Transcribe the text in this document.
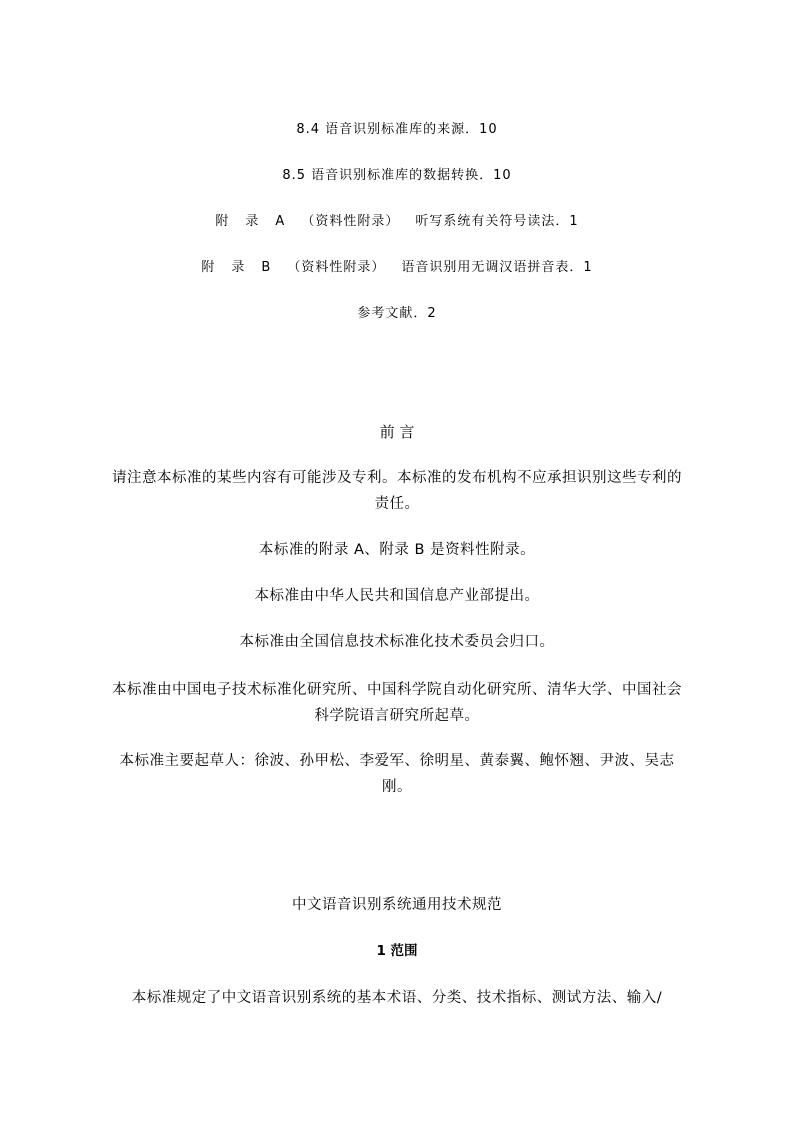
8.4 语音识别标准库的来源．10
8.5 语音识别标准库的数据转换．10
附 录 A （资料性附录） 听写系统有关符号读法．1
附 录 B （资料性附录） 语音识别用无调汉语拼音表．1
参考文献．2
前 言
请注意本标准的某些内容有可能涉及专利。本标准的发布机构不应承担识别这些专利的责任。
本标准的附录 A、附录 B 是资料性附录。
本标准由中华人民共和国信息产业部提出。
本标准由全国信息技术标准化技术委员会归口。
本标准由中国电子技术标准化研究所、中国科学院自动化研究所、清华大学、中国社会科学院语言研究所起草。
本标准主要起草人：徐波、孙甲松、李爱军、徐明星、黄泰翼、鲍怀翘、尹波、吴志刚。
中文语音识别系统通用技术规范
1 范围
本标准规定了中文语音识别系统的基本术语、分类、技术指标、测试方法、输入/
